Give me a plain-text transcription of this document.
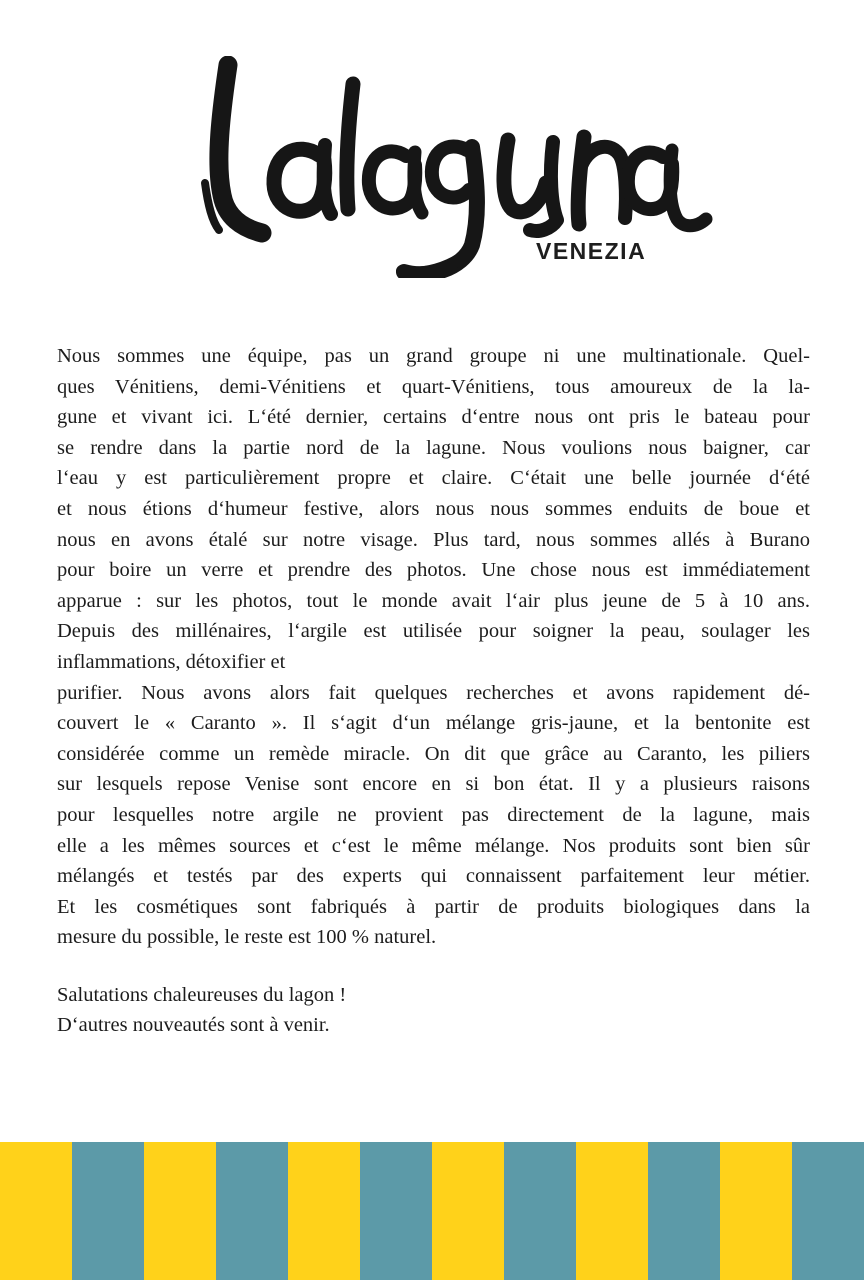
VENEZIA
Nous sommes une équipe, pas un grand groupe ni une multinationale. Quel-
ques Vénitiens, demi-Vénitiens et quart-Vénitiens, tous amoureux de la la-
gune et vivant ici. L‘été dernier, certains d‘entre nous ont pris le bateau pour
se rendre dans la partie nord de la lagune. Nous voulions nous baigner, car
l‘eau y est particulièrement propre et claire. C‘était une belle journée d‘été
et nous étions d‘humeur festive, alors nous nous sommes enduits de boue et
nous en avons étalé sur notre visage. Plus tard, nous sommes allés à Burano
pour boire un verre et prendre des photos. Une chose nous est immédiatement
apparue : sur les photos, tout le monde avait l‘air plus jeune de 5 à 10 ans.
Depuis des millénaires, l‘argile est utilisée pour soigner la peau, soulager les
inflammations, détoxifier et
purifier. Nous avons alors fait quelques recherches et avons rapidement dé-
couvert le « Caranto ». Il s‘agit d‘un mélange gris-jaune, et la bentonite est
considérée comme un remède miracle. On dit que grâce au Caranto, les piliers
sur lesquels repose Venise sont encore en si bon état. Il y a plusieurs raisons
pour lesquelles notre argile ne provient pas directement de la lagune, mais
elle a les mêmes sources et c‘est le même mélange. Nos produits sont bien sûr
mélangés et testés par des experts qui connaissent parfaitement leur métier.
Et les cosmétiques sont fabriqués à partir de produits biologiques dans la
mesure du possible, le reste est 100 % naturel.
Salutations chaleureuses du lagon !
D‘autres nouveautés sont à venir.
